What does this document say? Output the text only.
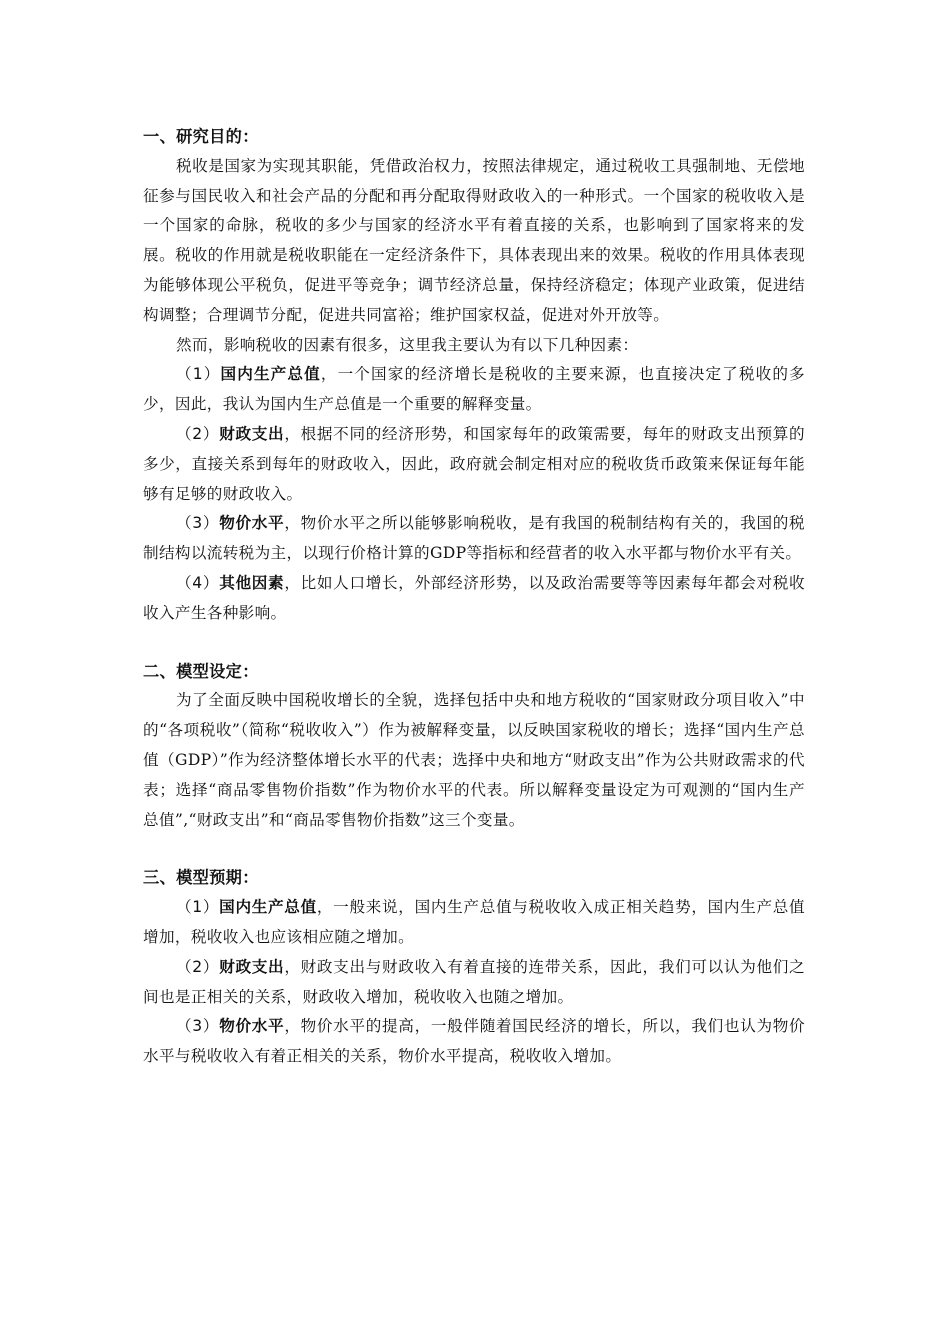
一、研究目的：

税收是国家为实现其职能，凭借政治权力，按照法律规定，通过税收工具强制地、无偿地征参与国民收入和社会产品的分配和再分配取得财政收入的一种形式。一个国家的税收收入是一个国家的命脉，税收的多少与国家的经济水平有着直接的关系，也影响到了国家将来的发展。税收的作用就是税收职能在一定经济条件下，具体表现出来的效果。税收的作用具体表现为能够体现公平税负，促进平等竞争；调节经济总量，保持经济稳定；体现产业政策，促进结构调整；合理调节分配，促进共同富裕；维护国家权益，促进对外开放等。

然而，影响税收的因素有很多，这里我主要认为有以下几种因素：

（1）国内生产总值，一个国家的经济增长是税收的主要来源，也直接决定了税收的多少，因此，我认为国内生产总值是一个重要的解释变量。

（2）财政支出，根据不同的经济形势，和国家每年的政策需要，每年的财政支出预算的多少，直接关系到每年的财政收入，因此，政府就会制定相对应的税收货币政策来保证每年能够有足够的财政收入。

（3）物价水平，物价水平之所以能够影响税收，是有我国的税制结构有关的，我国的税制结构以流转税为主，以现行价格计算的GDP等指标和经营者的收入水平都与物价水平有关。

（4）其他因素，比如人口增长，外部经济形势，以及政治需要等等因素每年都会对税收收入产生各种影响。

二、模型设定：

为了全面反映中国税收增长的全貌，选择包括中央和地方税收的“国家财政分项目收入”中的“各项税收”（简称“税收收入”）作为被解释变量，以反映国家税收的增长；选择“国内生产总值（GDP）”作为经济整体增长水平的代表；选择中央和地方“财政支出”作为公共财政需求的代表；选择“商品零售物价指数”作为物价水平的代表。所以解释变量设定为可观测的“国内生产总值”,“财政支出”和“商品零售物价指数”这三个变量。

三、模型预期：

（1）国内生产总值，一般来说，国内生产总值与税收收入成正相关趋势，国内生产总值增加，税收收入也应该相应随之增加。

（2）财政支出，财政支出与财政收入有着直接的连带关系，因此，我们可以认为他们之间也是正相关的关系，财政收入增加，税收收入也随之增加。

（3）物价水平，物价水平的提高，一般伴随着国民经济的增长，所以，我们也认为物价水平与税收收入有着正相关的关系，物价水平提高，税收收入增加。
